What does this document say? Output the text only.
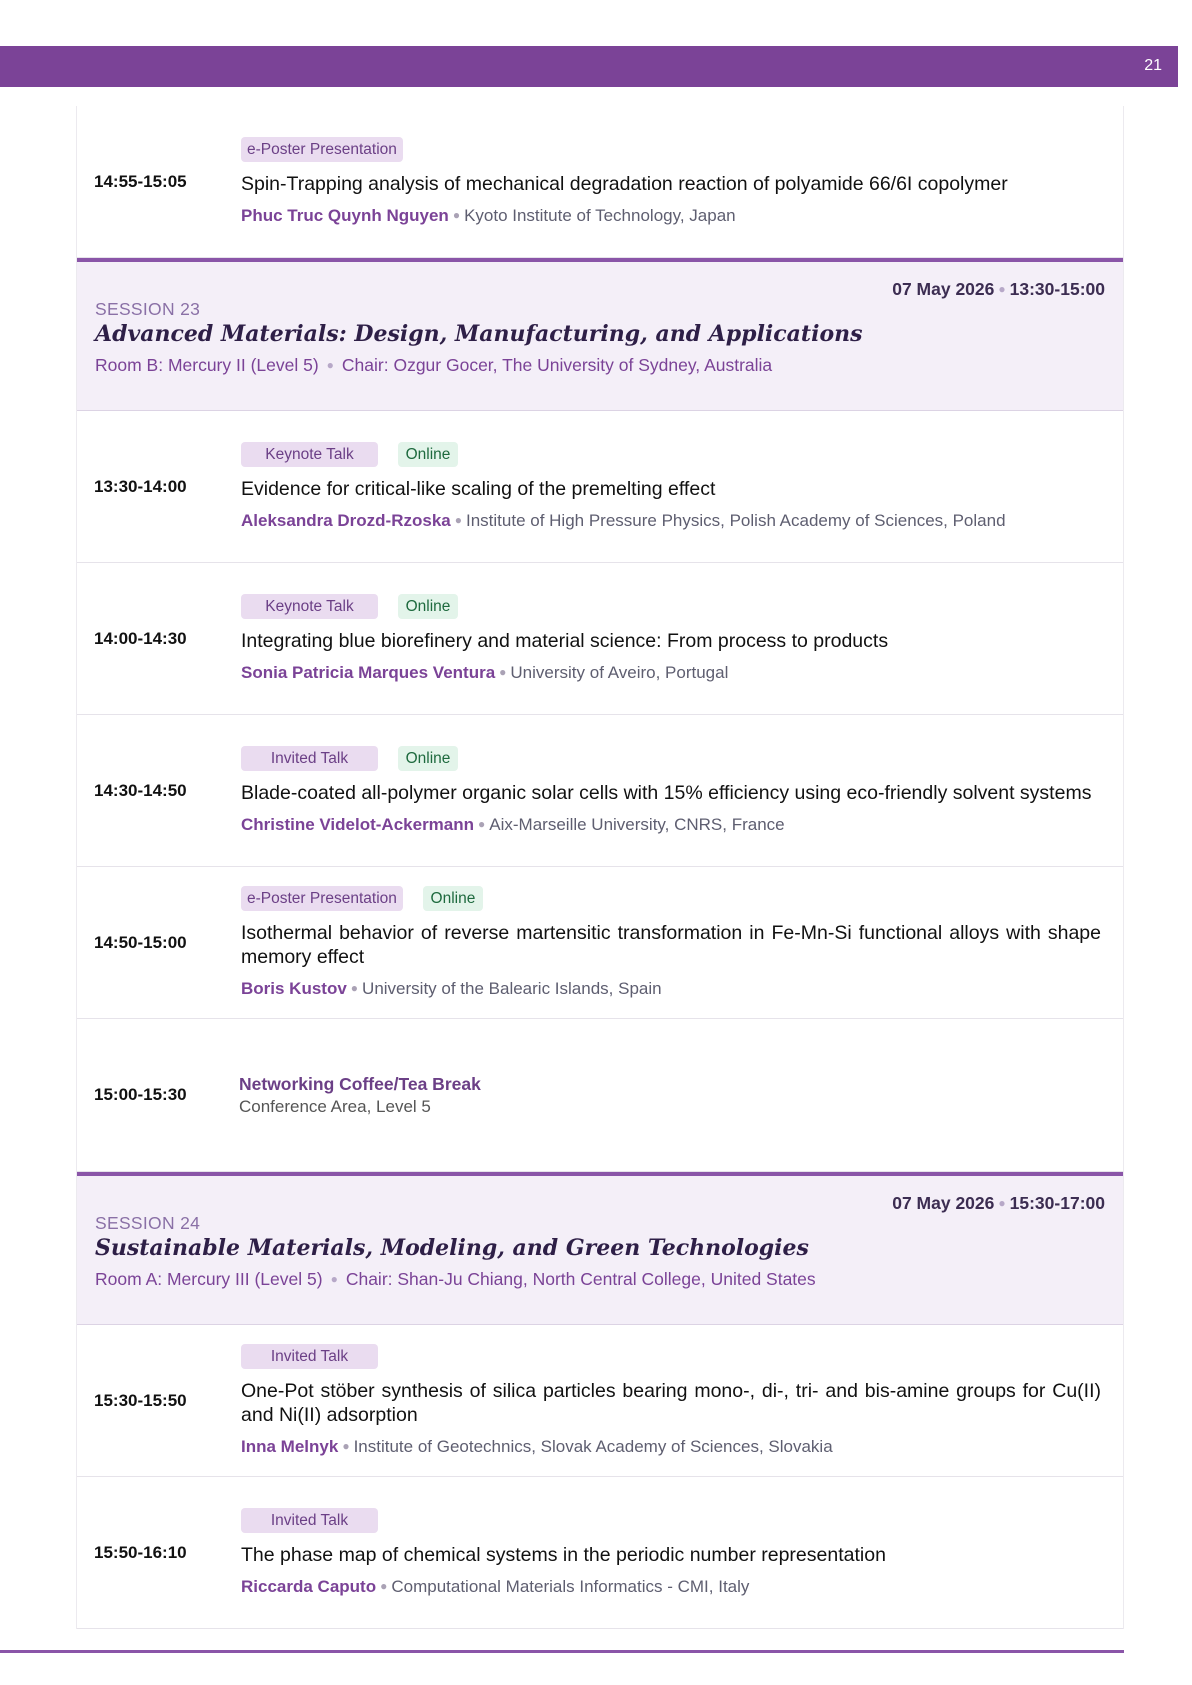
21
14:55-15:05
e-Poster Presentation
Spin-Trapping analysis of mechanical degradation reaction of polyamide 66/6I copolymer
Phuc Truc Quynh Nguyen ● Kyoto Institute of Technology, Japan
07 May 2026 ● 13:30-15:00
SESSION 23
Advanced Materials: Design, Manufacturing, and Applications
Room B: Mercury II (Level 5) ● Chair: Ozgur Gocer, The University of Sydney, Australia
13:30-14:00
Keynote Talk	Online
Evidence for critical-like scaling of the premelting effect
Aleksandra Drozd-Rzoska ● Institute of High Pressure Physics, Polish Academy of Sciences, Poland
14:00-14:30
Keynote Talk	Online
Integrating blue biorefinery and material science: From process to products
Sonia Patricia Marques Ventura ● University of Aveiro, Portugal
14:30-14:50
Invited Talk	Online
Blade-coated all-polymer organic solar cells with 15% efficiency using eco-friendly solvent systems
Christine Videlot-Ackermann ● Aix-Marseille University, CNRS, France
14:50-15:00
e-Poster Presentation	Online
Isothermal behavior of reverse martensitic transformation in Fe-Mn-Si functional alloys with shape memory effect
Boris Kustov ● University of the Balearic Islands, Spain
15:00-15:30
Networking Coffee/Tea Break
Conference Area, Level 5
07 May 2026 ● 15:30-17:00
SESSION 24
Sustainable Materials, Modeling, and Green Technologies
Room A: Mercury III (Level 5) ● Chair: Shan-Ju Chiang, North Central College, United States
15:30-15:50
Invited Talk
One-Pot stöber synthesis of silica particles bearing mono-, di-, tri- and bis-amine groups for Cu(II) and Ni(II) adsorption
Inna Melnyk ● Institute of Geotechnics, Slovak Academy of Sciences, Slovakia
15:50-16:10
Invited Talk
The phase map of chemical systems in the periodic number representation
Riccarda Caputo ● Computational Materials Informatics - CMI, Italy
